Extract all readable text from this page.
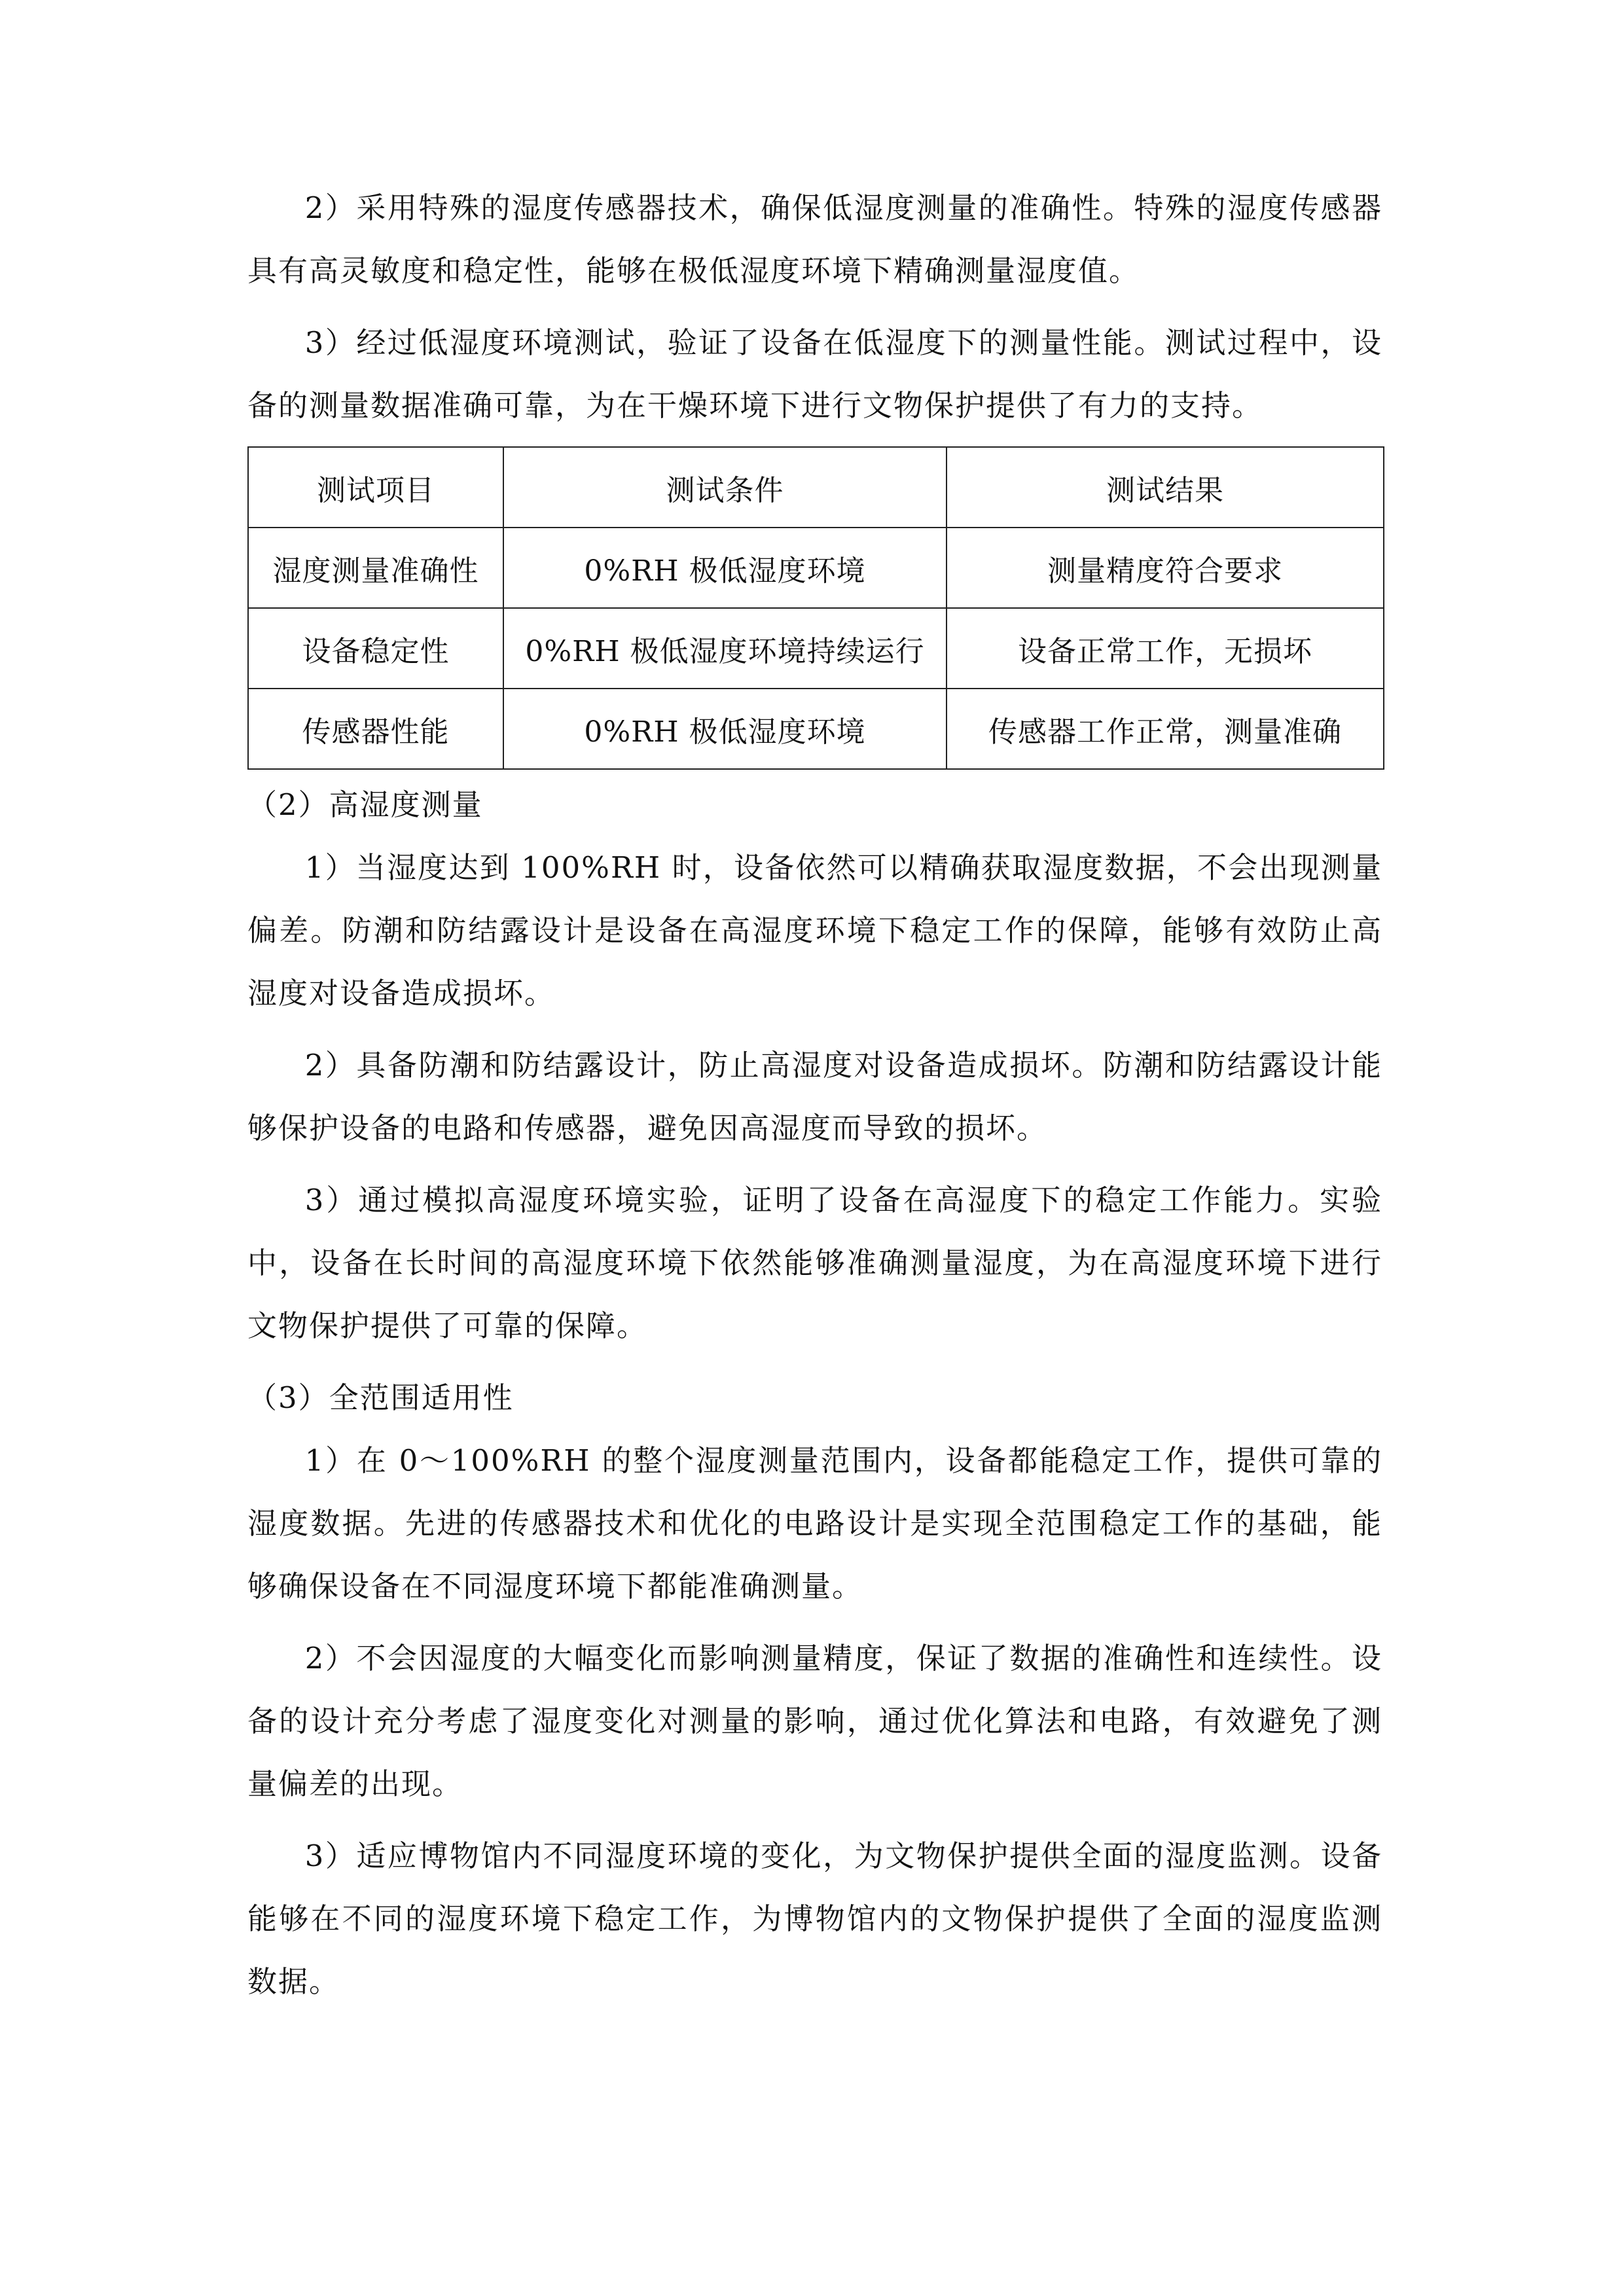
2）采用特殊的湿度传感器技术，确保低湿度测量的准确性。特殊的湿度传感器具有高灵敏度和稳定性，能够在极低湿度环境下精确测量湿度值。

3）经过低湿度环境测试，验证了设备在低湿度下的测量性能。测试过程中，设备的测量数据准确可靠，为在干燥环境下进行文物保护提供了有力的支持。

测试项目	测试条件	测试结果
湿度测量准确性	0%RH 极低湿度环境	测量精度符合要求
设备稳定性	0%RH 极低湿度环境持续运行	设备正常工作，无损坏
传感器性能	0%RH 极低湿度环境	传感器工作正常，测量准确

（2）高湿度测量

1）当湿度达到 100%RH 时，设备依然可以精确获取湿度数据，不会出现测量偏差。防潮和防结露设计是设备在高湿度环境下稳定工作的保障，能够有效防止高湿度对设备造成损坏。

2）具备防潮和防结露设计，防止高湿度对设备造成损坏。防潮和防结露设计能够保护设备的电路和传感器，避免因高湿度而导致的损坏。

3）通过模拟高湿度环境实验，证明了设备在高湿度下的稳定工作能力。实验中，设备在长时间的高湿度环境下依然能够准确测量湿度，为在高湿度环境下进行文物保护提供了可靠的保障。

（3）全范围适用性

1）在 0～100%RH 的整个湿度测量范围内，设备都能稳定工作，提供可靠的湿度数据。先进的传感器技术和优化的电路设计是实现全范围稳定工作的基础，能够确保设备在不同湿度环境下都能准确测量。

2）不会因湿度的大幅变化而影响测量精度，保证了数据的准确性和连续性。设备的设计充分考虑了湿度变化对测量的影响，通过优化算法和电路，有效避免了测量偏差的出现。

3）适应博物馆内不同湿度环境的变化，为文物保护提供全面的湿度监测。设备能够在不同的湿度环境下稳定工作，为博物馆内的文物保护提供了全面的湿度监测数据。
